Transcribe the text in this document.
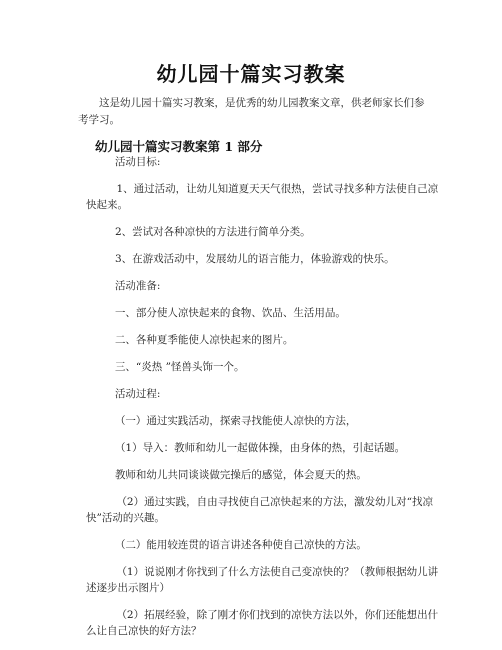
幼儿园十篇实习教案
这是幼儿园十篇实习教案，是优秀的幼儿园教案文章，供老师家长们参考学习。
幼儿园十篇实习教案第 1 部分

活动目标:

1、通过活动，让幼儿知道夏天天气很热，尝试寻找多种方法使自己凉快起来。

2、尝试对各种凉快的方法进行简单分类。

3、在游戏活动中，发展幼儿的语言能力，体验游戏的快乐。

活动准备:

一、部分使人凉快起来的食物、饮品、生活用品。

二、各种夏季能使人凉快起来的图片。

三、“炎热 ”怪兽头饰一个。

活动过程:

（一）通过实践活动，探索寻找能使人凉快的方法，

（1）导入：教师和幼儿一起做体操，由身体的热，引起话题。

教师和幼儿共同谈谈做完操后的感觉，体会夏天的热。

（2）通过实践，自由寻找使自己凉快起来的方法，激发幼儿对“找凉快”活动的兴趣。

（二）能用较连贯的语言讲述各种使自己凉快的方法。

（1）说说刚才你找到了什么方法使自己变凉快的？（教师根据幼儿讲述逐步出示图片）

（2）拓展经验，除了刚才你们找到的凉快方法以外，你们还能想出什么让自己凉快的好方法？
